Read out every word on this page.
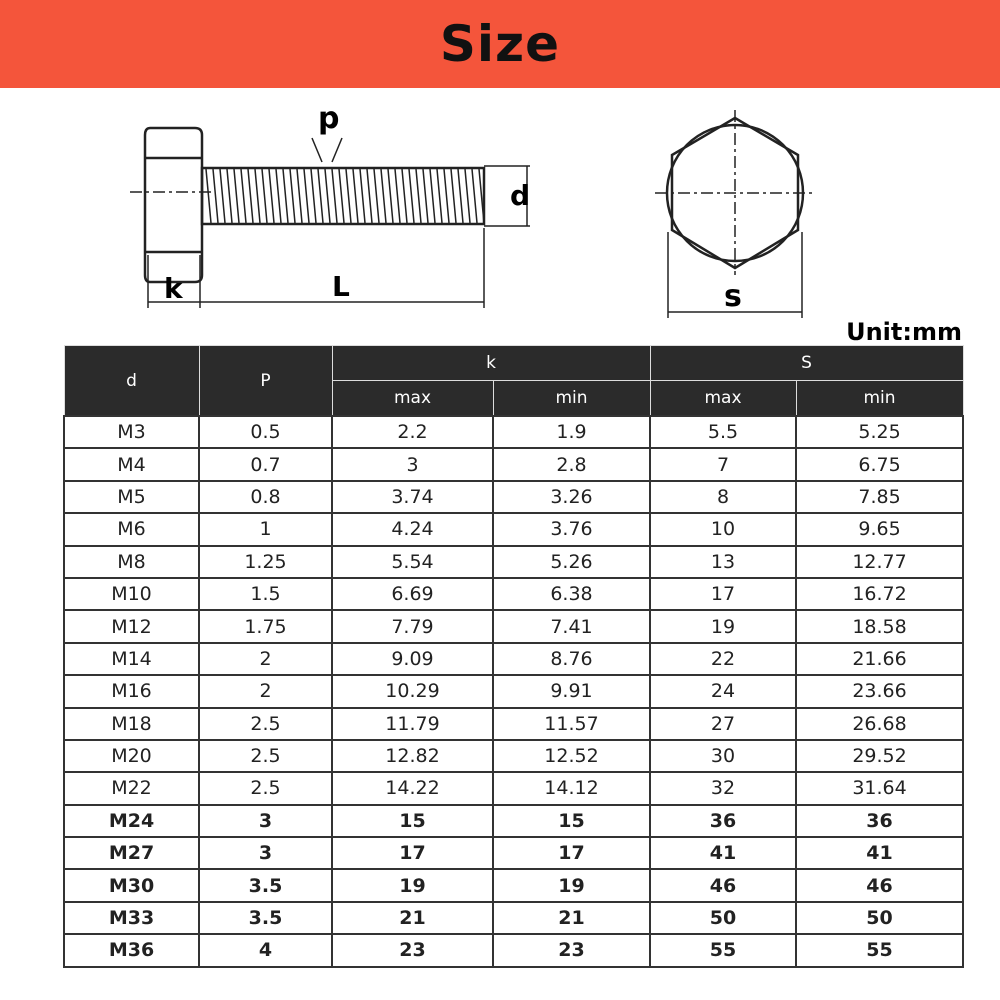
Size
p
d
k	L	s
Unit:mm
d	P	k		S	
		max	min	max	min
M3	0.5	2.2	1.9	5.5	5.25
M4	0.7	3	2.8	7	6.75
M5	0.8	3.74	3.26	8	7.85
M6	1	4.24	3.76	10	9.65
M8	1.25	5.54	5.26	13	12.77
M10	1.5	6.69	6.38	17	16.72
M12	1.75	7.79	7.41	19	18.58
M14	2	9.09	8.76	22	21.66
M16	2	10.29	9.91	24	23.66
M18	2.5	11.79	11.57	27	26.68
M20	2.5	12.82	12.52	30	29.52
M22	2.5	14.22	14.12	32	31.64
M24	3	15	15	36	36
M27	3	17	17	41	41
M30	3.5	19	19	46	46
M33	3.5	21	21	50	50
M36	4	23	23	55	55
